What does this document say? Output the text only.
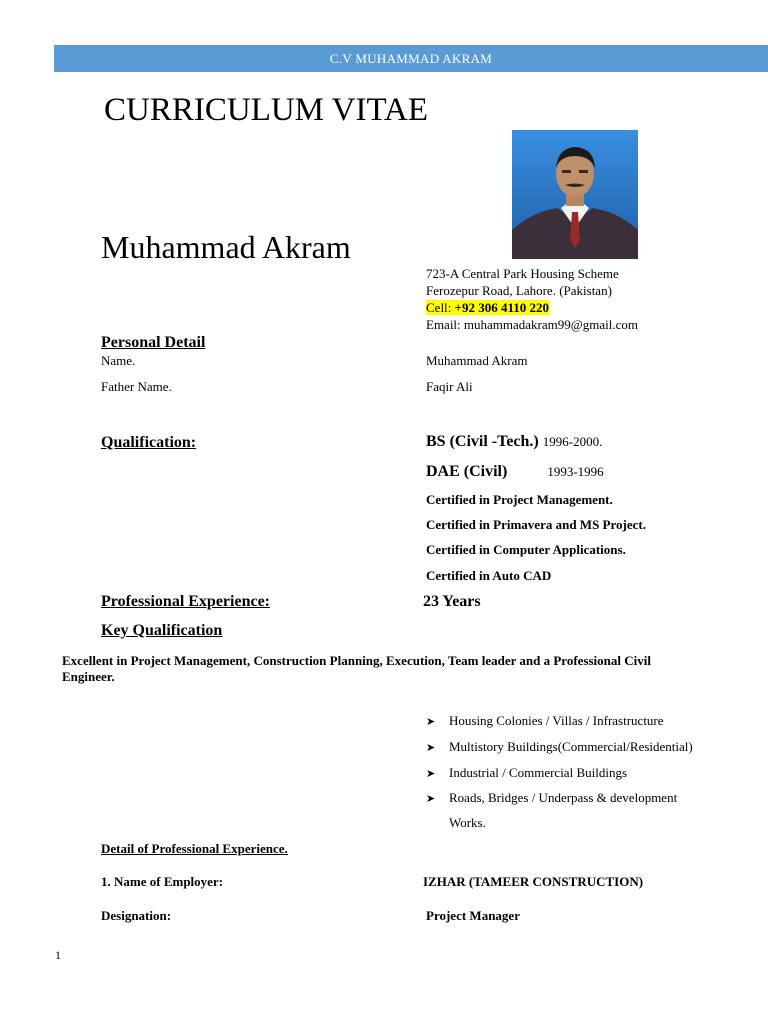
C.V MUHAMMAD AKRAM
CURRICULUM VITAE
Muhammad Akram
723-A Central Park Housing Scheme
Ferozepur Road, Lahore. (Pakistan)
Cell: +92 306 4110 220
Email: muhammadakram99@gmail.com
Personal Detail
Name.	Muhammad Akram
Father Name.	Faqir Ali
Qualification:	BS (Civil -Tech.) 1996-2000.
DAE (Civil)	1993-1996
Certified in Project Management.
Certified in Primavera and MS Project.
Certified in Computer Applications.
Certified in Auto CAD
Professional Experience:	23 Years
Key Qualification
Excellent in Project Management, Construction Planning, Execution, Team leader and a Professional Civil
Engineer.
➤ Housing Colonies / Villas / Infrastructure
➤ Multistory Buildings(Commercial/Residential)
➤ Industrial / Commercial Buildings
➤ Roads, Bridges / Underpass & development
Works.
Detail of Professional Experience.
1. Name of Employer:	IZHAR (TAMEER CONSTRUCTION)
Designation:	Project Manager
1
